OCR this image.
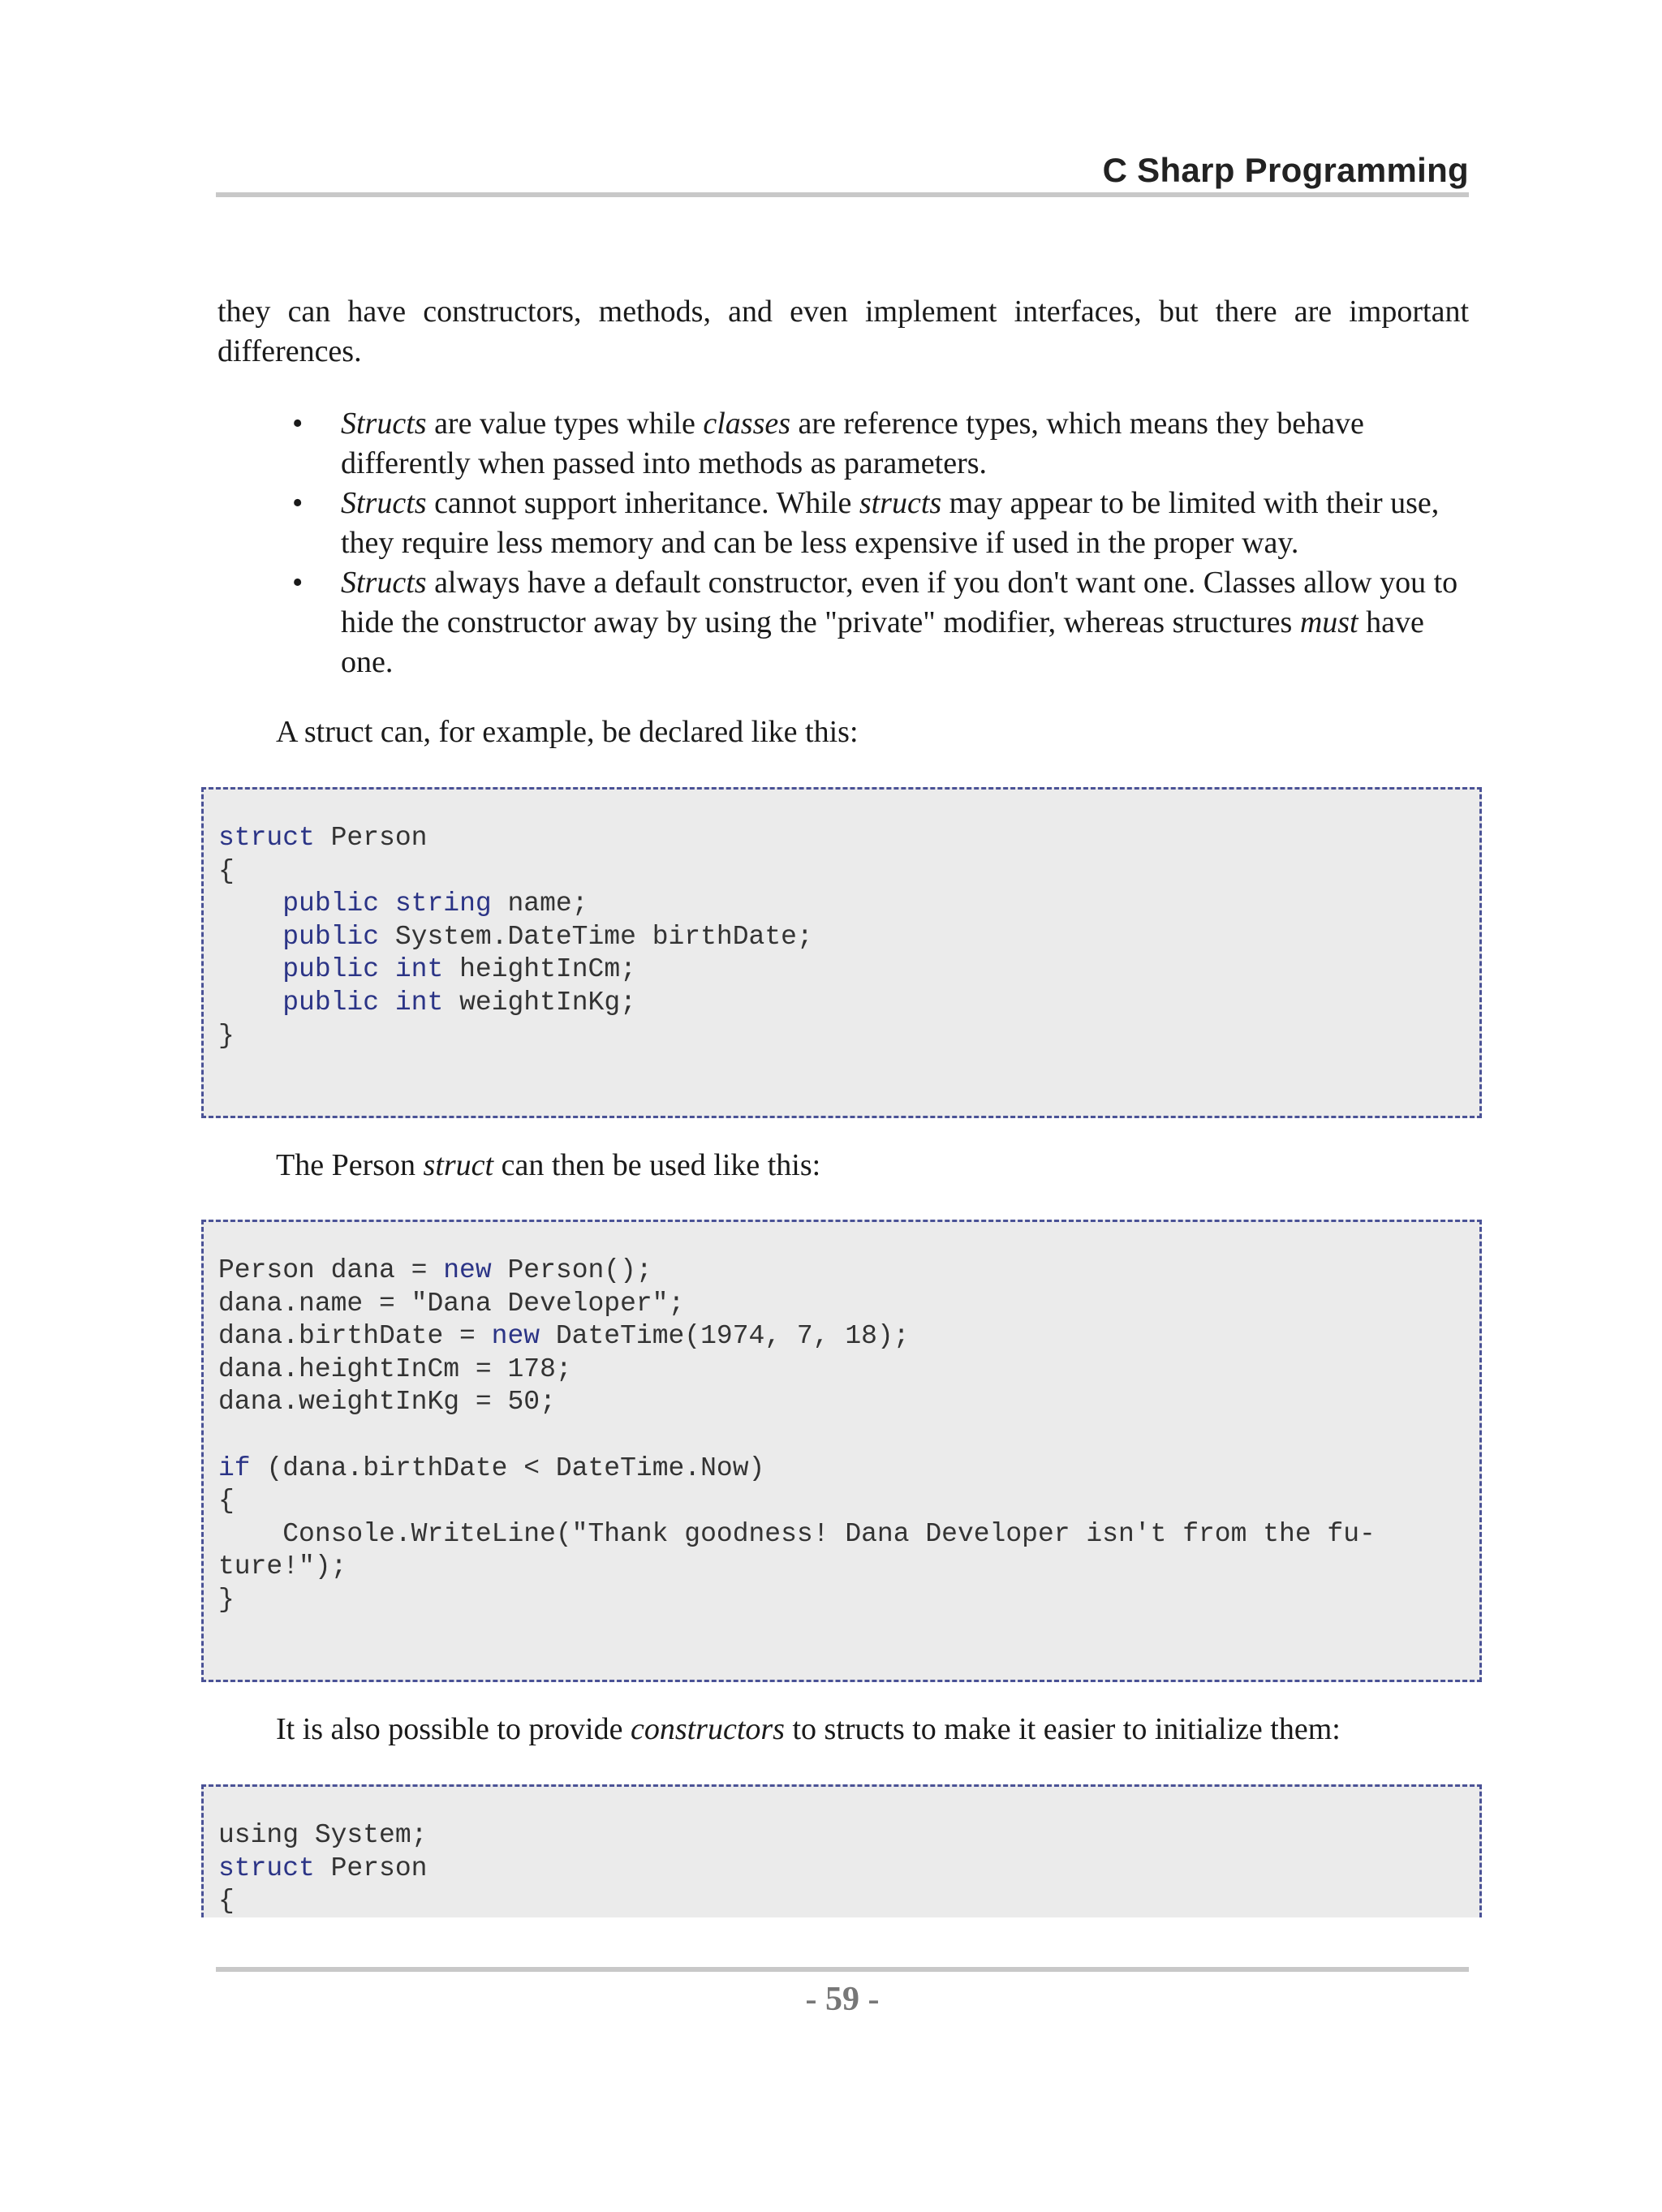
C Sharp Programming
they can have constructors, methods, and even implement interfaces, but there are important
differences.
• Structs are value types while classes are reference types, which means they behave differently when passed into methods as parameters.
• Structs cannot support inheritance. While structs may appear to be limited with their use, they require less memory and can be less expensive if used in the proper way.
• Structs always have a default constructor, even if you don't want one. Classes allow you to hide the constructor away by using the "private" modifier, whereas structures must have one.
A struct can, for example, be declared like this:
struct Person
{
public string name;
public System.DateTime birthDate;
public int heightInCm;
public int weightInKg;
}
The Person struct can then be used like this:
Person dana = new Person();
dana.name = "Dana Developer";
dana.birthDate = new DateTime(1974, 7, 18);
dana.heightInCm = 178;
dana.weightInKg = 50;

if (dana.birthDate < DateTime.Now)
{
Console.WriteLine("Thank goodness! Dana Developer isn't from the fu-
ture!");
}
It is also possible to provide constructors to structs to make it easier to initialize them:
using System;
struct Person
{
- 59 -
